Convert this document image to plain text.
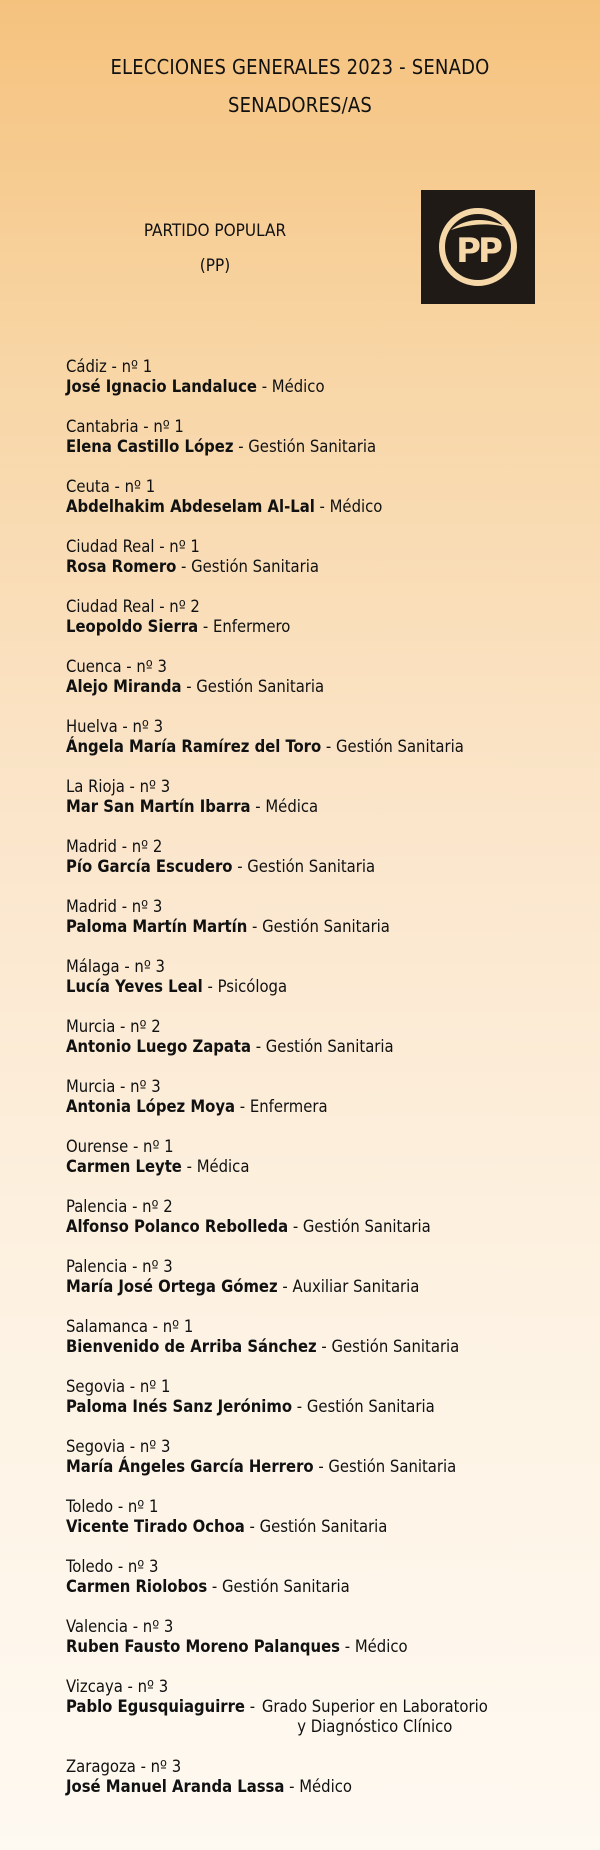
ELECCIONES GENERALES 2023 - SENADO
SENADORES/AS
PARTIDO POPULAR
(PP)	PP
Cádiz - nº 1
José Ignacio Landaluce - Médico
Cantabria - nº 1
Elena Castillo López - Gestión Sanitaria
Ceuta - nº 1
Abdelhakim Abdeselam Al-Lal - Médico
Ciudad Real - nº 1
Rosa Romero - Gestión Sanitaria
Ciudad Real - nº 2
Leopoldo Sierra - Enfermero
Cuenca - nº 3
Alejo Miranda - Gestión Sanitaria
Huelva - nº 3
Ángela María Ramírez del Toro - Gestión Sanitaria
La Rioja - nº 3
Mar San Martín Ibarra - Médica
Madrid - nº 2
Pío García Escudero - Gestión Sanitaria
Madrid - nº 3
Paloma Martín Martín - Gestión Sanitaria
Málaga - nº 3
Lucía Yeves Leal - Psicóloga
Murcia - nº 2
Antonio Luego Zapata - Gestión Sanitaria
Murcia - nº 3
Antonia López Moya - Enfermera
Ourense - nº 1
Carmen Leyte - Médica
Palencia - nº 2
Alfonso Polanco Rebolleda - Gestión Sanitaria
Palencia - nº 3
María José Ortega Gómez - Auxiliar Sanitaria
Salamanca - nº 1
Bienvenido de Arriba Sánchez - Gestión Sanitaria
Segovia - nº 1
Paloma Inés Sanz Jerónimo - Gestión Sanitaria
Segovia - nº 3
María Ángeles García Herrero - Gestión Sanitaria
Toledo - nº 1
Vicente Tirado Ochoa - Gestión Sanitaria
Toledo - nº 3
Carmen Riolobos - Gestión Sanitaria
Valencia - nº 3
Ruben Fausto Moreno Palanques - Médico
Vizcaya - nº 3
Pablo Egusquiaguirre - Grado Superior en Laboratorio y Diagnóstico Clínico
Zaragoza - nº 3
José Manuel Aranda Lassa - Médico
